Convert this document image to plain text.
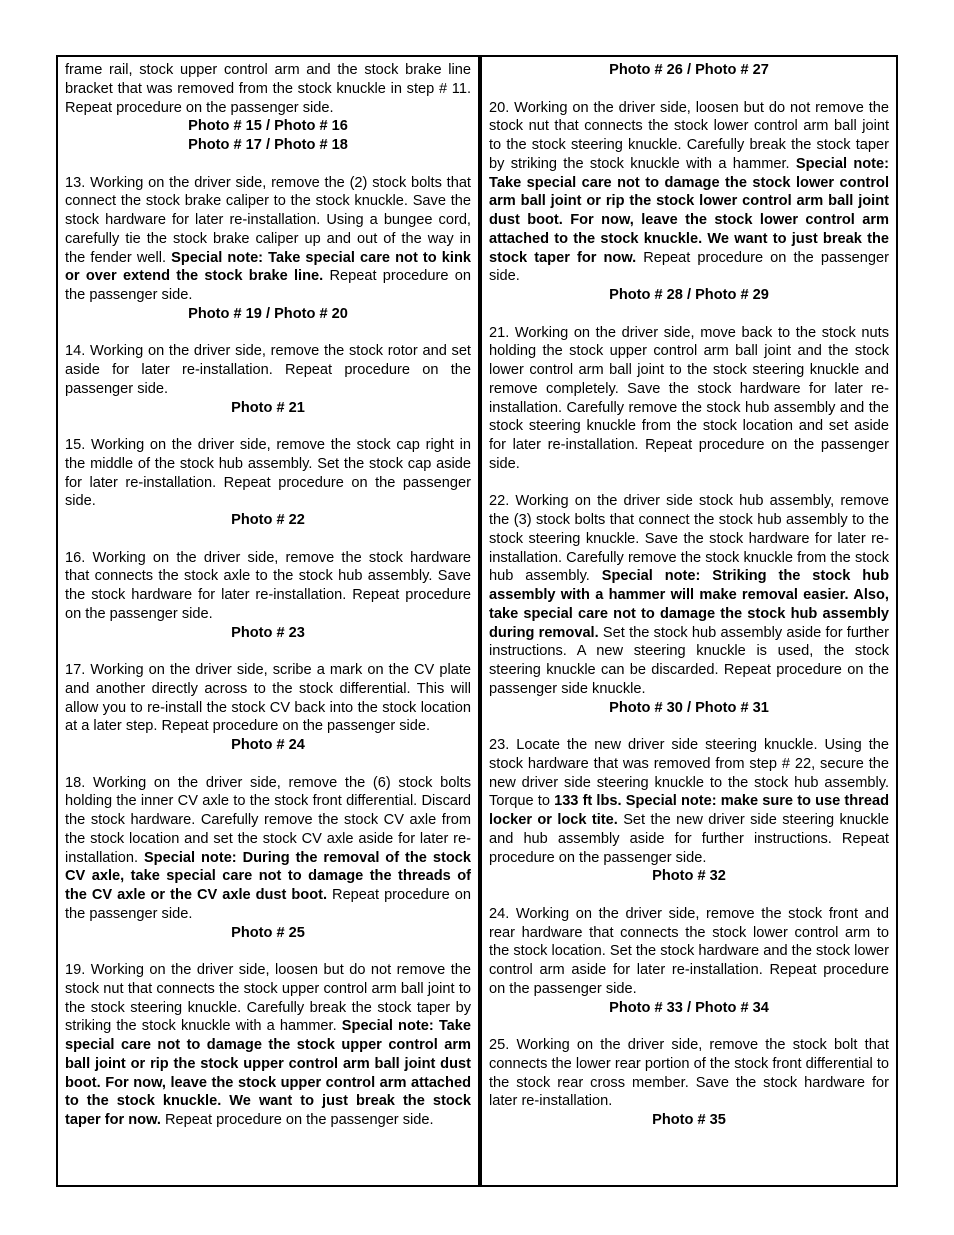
frame rail, stock upper control arm and the stock brake line bracket that was removed from the stock knuckle in step # 11. Repeat procedure on the passenger side.

Photo # 15 / Photo # 16
Photo # 17 / Photo # 18

13. Working on the driver side, remove the (2) stock bolts that connect the stock brake caliper to the stock knuckle. Save the stock hardware for later re-installation. Using a bungee cord, carefully tie the stock brake caliper up and out of the way in the fender well. Special note: Take special care not to kink or over extend the stock brake line. Repeat procedure on the passenger side.

Photo # 19 / Photo # 20

14. Working on the driver side, remove the stock rotor and set aside for later re-installation. Repeat procedure on the passenger side.

Photo # 21

15. Working on the driver side, remove the stock cap right in the middle of the stock hub assembly. Set the stock cap aside for later re-installation. Repeat procedure on the passenger side.

Photo # 22

16. Working on the driver side, remove the stock hardware that connects the stock axle to the stock hub assembly. Save the stock hardware for later re-installation. Repeat procedure on the passenger side.

Photo # 23

17. Working on the driver side, scribe a mark on the CV plate and another directly across to the stock differential. This will allow you to re-install the stock CV back into the stock location at a later step. Repeat procedure on the passenger side.

Photo # 24

18. Working on the driver side, remove the (6) stock bolts holding the inner CV axle to the stock front differential. Discard the stock hardware. Carefully remove the stock CV axle from the stock location and set the stock CV axle aside for later re-installation. Special note: During the removal of the stock CV axle, take special care not to damage the threads of the CV axle or the CV axle dust boot. Repeat procedure on the passenger side.

Photo # 25

19. Working on the driver side, loosen but do not remove the stock nut that connects the stock upper control arm ball joint to the stock steering knuckle. Carefully break the stock taper by striking the stock knuckle with a hammer. Special note: Take special care not to damage the stock upper control arm ball joint or rip the stock upper control arm ball joint dust boot. For now, leave the stock upper control arm attached to the stock knuckle. We want to just break the stock taper for now. Repeat procedure on the passenger side.

Photo # 26 / Photo # 27

20. Working on the driver side, loosen but do not remove the stock nut that connects the stock lower control arm ball joint to the stock steering knuckle. Carefully break the stock taper by striking the stock knuckle with a hammer. Special note: Take special care not to damage the stock lower control arm ball joint or rip the stock lower control arm ball joint dust boot. For now, leave the stock lower control arm attached to the stock knuckle. We want to just break the stock taper for now. Repeat procedure on the passenger side.

Photo # 28 / Photo # 29

21. Working on the driver side, move back to the stock nuts holding the stock upper control arm ball joint and the stock lower control arm ball joint to the stock steering knuckle and remove completely. Save the stock hardware for later re-installation. Carefully remove the stock hub assembly and the stock steering knuckle from the stock location and set aside for later re-installation. Repeat procedure on the passenger side.

22. Working on the driver side stock hub assembly, remove the (3) stock bolts that connect the stock hub assembly to the stock steering knuckle. Save the stock hardware for later re-installation. Carefully remove the stock knuckle from the stock hub assembly. Special note: Striking the stock hub assembly with a hammer will make removal easier. Also, take special care not to damage the stock hub assembly during removal. Set the stock hub assembly aside for further instructions. A new steering knuckle is used, the stock steering knuckle can be discarded. Repeat procedure on the passenger side knuckle.

Photo # 30 / Photo # 31

23. Locate the new driver side steering knuckle. Using the stock hardware that was removed from step # 22, secure the new driver side steering knuckle to the stock hub assembly. Torque to 133 ft lbs. Special note: make sure to use thread locker or lock tite. Set the new driver side steering knuckle and hub assembly aside for further instructions. Repeat procedure on the passenger side.

Photo # 32

24. Working on the driver side, remove the stock front and rear hardware that connects the stock lower control arm to the stock location. Set the stock hardware and the stock lower control arm aside for later re-installation. Repeat procedure on the passenger side.

Photo # 33 / Photo # 34

25. Working on the driver side, remove the stock bolt that connects the lower rear portion of the stock front differential to the stock rear cross member. Save the stock hardware for later re-installation.

Photo # 35
